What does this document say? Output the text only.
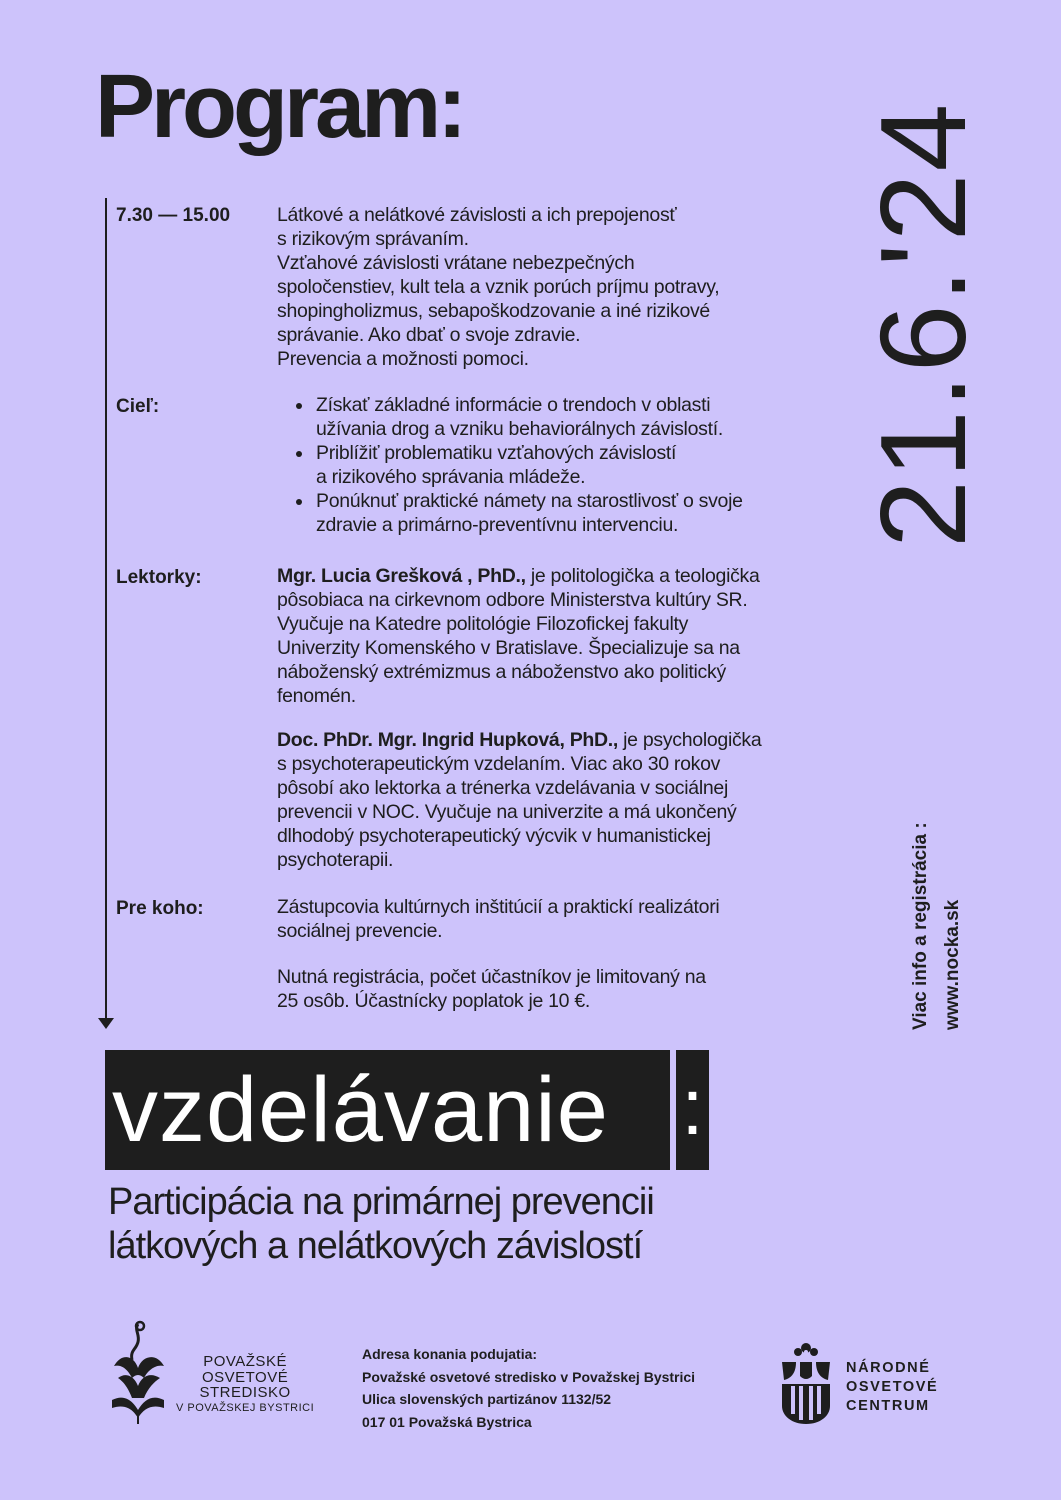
Program:	21.6.'24
7.30 — 15.00 Látkové a nelátkové závislosti a ich prepojenosť
s rizikovým správaním.
Vzťahové závislosti vrátane nebezpečných
spoločenstiev, kult tela a vznik porúch príjmu potravy,
shopingholizmus, sebapoškodzovanie a iné rizikové
správanie. Ako dbať o svoje zdravie.
Prevencia a možnosti pomoci.
Cieľ:	Získať základné informácie o trendoch v oblasti
užívania drog a vzniku behaviorálnych závislostí.
Priblížiť problematiku vzťahových závislostí
a rizikového správania mládeže.
Ponúknuť praktické námety na starostlivosť o svoje
zdravie a primárno-preventívnu intervenciu.
Lektorky:	Mgr. Lucia Grešková , PhD., je politologička a teologička
pôsobiaca na cirkevnom odbore Ministerstva kultúry SR.
Vyučuje na Katedre politológie Filozofickej fakulty
Univerzity Komenského v Bratislave. Špecializuje sa na
náboženský extrémizmus a náboženstvo ako politický
fenomén.
Doc. PhDr. Mgr. Ingrid Hupková, PhD., je psychologička
s psychoterapeutickým vzdelaním. Viac ako 30 rokov
pôsobí ako lektorka a trénerka vzdelávania v sociálnej
prevencii v NOC. Vyučuje na univerzite a má ukončený
dlhodobý psychoterapeutický výcvik v humanistickej
psychoterapii.
Pre koho:	Zástupcovia kultúrnych inštitúcií a praktickí realizátori
sociálnej prevencie.
Nutná registrácia, počet účastníkov je limitovaný na
25 osôb. Účastnícky poplatok je 10 €.	Viac info a registrácia : www.nocka.sk
vzdelávanie :
Participácia na primárnej prevencii
látkových a nelátkových závislostí
POVAŽSKÉ
OSVETOVÉ
STREDISKO
V POVAŽSKEJ BYSTRICI
Adresa konania podujatia:
Považské osvetové stredisko v Považskej Bystrici
Ulica slovenských partizánov 1132/52
017 01 Považská Bystrica
NÁRODNÉ
OSVETOVÉ
CENTRUM
